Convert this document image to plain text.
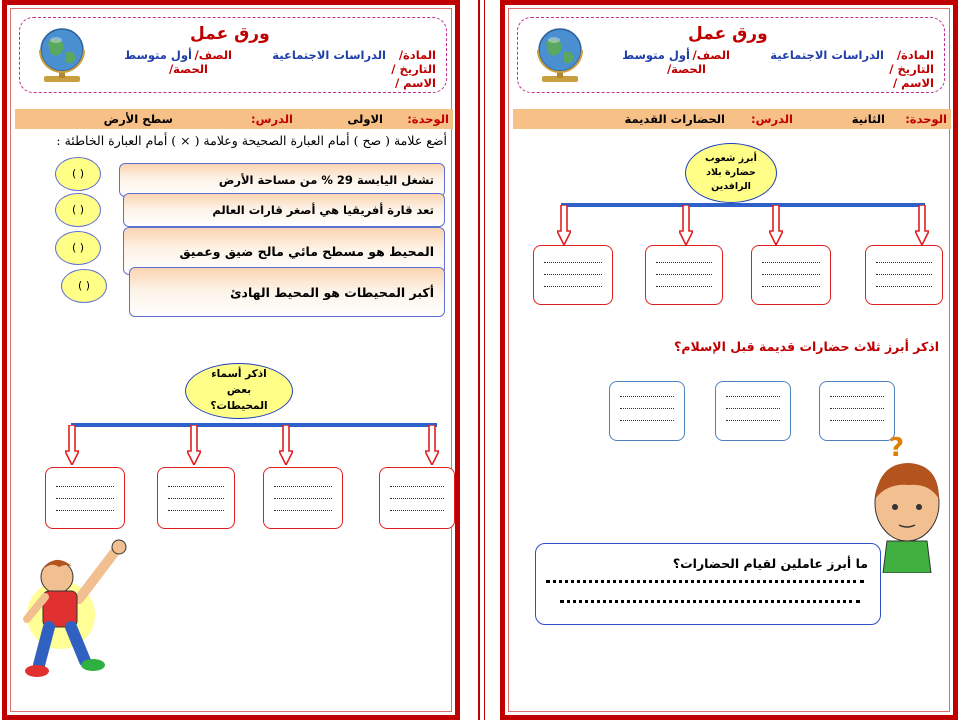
ورق عمل
المادة/
الدراسات الاجتماعية
الصف/
أول متوسط
التاريخ /
الحصة/
الاسم /
الوحدة:
الاولى
الدرس:
سطح الأرض
أضع علامة ( صح ) أمام العبارة الصحيحة وعلامة ( × ) أمام العبارة الخاطئة :
( )	تشغل اليابسة 29 % من مساحة الأرض
( )	تعد قارة أفريقيا هي أصغر قارات العالم
( )	المحيط هو مسطح مائي مالح ضيق وعميق
( )	أكبر المحيطات هو المحيط الهادئ
اذكر أسماء بعض المحيطات؟
ورق عمل
المادة/
الدراسات الاجتماعية
الصف/
أول متوسط
التاريخ /
الحصة/
الاسم /
الوحدة:
الثانية
الدرس:
الحضارات القديمة
أبرز شعوب حضارة بلاد الرافدين
اذكر أبرز ثلاث حضارات قديمة قبل الإسلام؟
?
ما أبرز عاملين لقيام الحضارات؟
